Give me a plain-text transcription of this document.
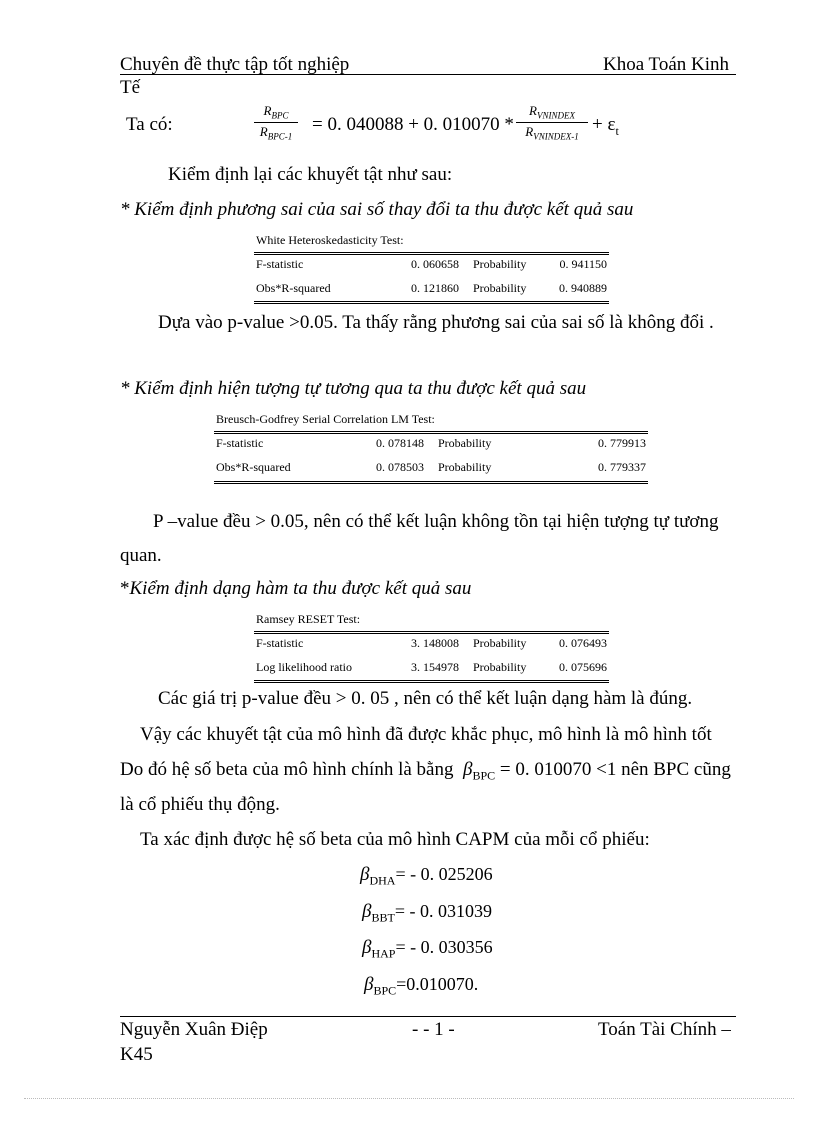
Chuyên đề thực tập tốt nghiệp	Khoa Toán Kinh
Tế
Ta có:
$R_{BPC}$
$R_{BPC-1}$
= 0. 040088 + 0. 010070 *
$R_{VNINDEX}$
$R_{VNINDEX-1}$
+ $\varepsilon_t$
Kiểm định lại các khuyết tật như sau:
* Kiểm định phương sai của sai số thay đổi ta thu được kết quả sau
White Heteroskedasticity Test:
F-statistic	0. 060658	Probability	0. 941150
Obs*R-squared	0. 121860	Probability	0. 940889
Dựa vào p-value >0.05. Ta thấy rằng phương sai của sai số là không đổi .
* Kiểm định hiện tượng tự tương qua ta thu được kết quả sau
Breusch-Godfrey Serial Correlation LM Test:
F-statistic	0. 078148	Probability	0. 779913
Obs*R-squared	0. 078503	Probability	0. 779337
P –value đều > 0.05, nên có thể kết luận không tồn tại hiện tượng tự tương
quan.
*Kiểm định dạng hàm ta thu được kết quả sau
Ramsey RESET Test:
F-statistic	3. 148008	Probability	0. 076493
Log likelihood ratio	3. 154978	Probability	0. 075696
Các giá trị p-value đều > 0. 05 , nên có thể kết luận dạng hàm là đúng.
Vậy các khuyết tật của mô hình đã được khắc phục, mô hình là mô hình tốt
Do đó hệ số beta của mô hình chính là bằng  $\beta_{BPC} = 0$. 010070 <1 nên BPC cũng
là cổ phiếu thụ động.
Ta xác định được hệ số beta của mô hình CAPM của mỗi cổ phiếu:
$\beta_{DHA}= - 0$. 025206
$\beta_{BBT}= - 0$. 031039
$\beta_{HAP}= - 0$. 030356
$\beta_{BPC}=0.010070$.
Nguyễn Xuân Điệp	- - 1 -	Toán Tài Chính –
K45
